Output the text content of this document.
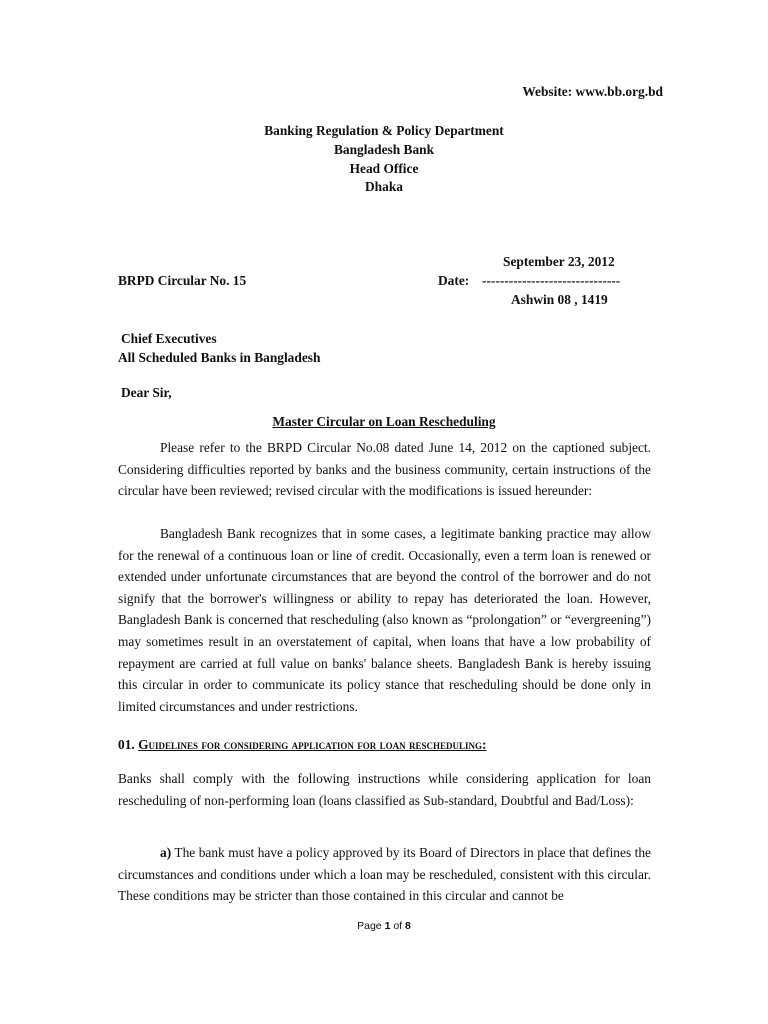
Website: www.bb.org.bd
Banking Regulation & Policy Department
Bangladesh Bank
Head Office
Dhaka
September 23, 2012
BRPD Circular No. 15	Date: -------------------------------
Ashwin 08 , 1419
Chief Executives
All Scheduled Banks in Bangladesh
Dear Sir,
Master Circular on Loan Rescheduling

Please refer to the BRPD Circular No.08 dated June 14, 2012 on the captioned subject. Considering difficulties reported by banks and the business community, certain instructions of the circular have been reviewed; revised circular with the modifications is issued hereunder:

Bangladesh Bank recognizes that in some cases, a legitimate banking practice may allow for the renewal of a continuous loan or line of credit. Occasionally, even a term loan is renewed or extended under unfortunate circumstances that are beyond the control of the borrower and do not signify that the borrower's willingness or ability to repay has deteriorated the loan. However, Bangladesh Bank is concerned that rescheduling (also known as “prolongation” or “evergreening”) may sometimes result in an overstatement of capital, when loans that have a low probability of repayment are carried at full value on banks' balance sheets. Bangladesh Bank is hereby issuing this circular in order to communicate its policy stance that rescheduling should be done only in limited circumstances and under restrictions.

01. Guidelines for considering application for loan rescheduling:

Banks shall comply with the following instructions while considering application for loan rescheduling of non-performing loan (loans classified as Sub-standard, Doubtful and Bad/Loss):

a) The bank must have a policy approved by its Board of Directors in place that defines the circumstances and conditions under which a loan may be rescheduled, consistent with this circular. These conditions may be stricter than those contained in this circular and cannot be

Page 1 of 8
